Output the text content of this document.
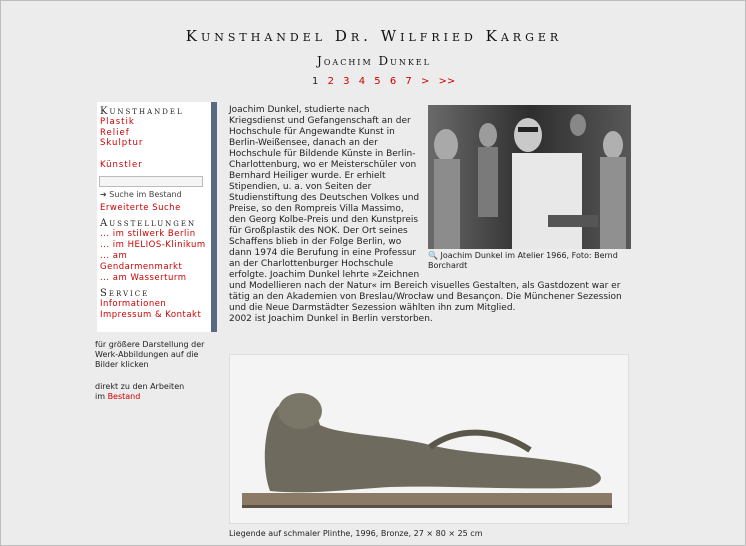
Kunsthandel Dr. Wilfried Karger
Joachim Dunkel
1 2 3 4 5 6 7 > >>
Kunsthandel
Plastik
Relief
Skulptur
Künstler
➜ Suche im Bestand
Erweiterte Suche
Ausstellungen
... im stilwerk Berlin
... im HELIOS-Klinikum
... am Gendarmenmarkt
... am Wasserturm
Service
Informationen
Impressum & Kontakt
für größere Darstellung der Werk-Abbildungen auf die Bilder klicken
direkt zu den Arbeiten
im Bestand
🔍 Joachim Dunkel im Atelier 1966, Foto: Bernd Borchardt
Joachim Dunkel, studierte nach Kriegsdienst und Gefangenschaft an der Hochschule für Angewandte Kunst in Berlin-Weißensee, danach an der Hochschule für Bildende Künste in Berlin-Charlottenburg, wo er Meisterschüler von Bernhard Heiliger wurde. Er erhielt Stipendien, u. a. von Seiten der Studienstiftung des Deutschen Volkes und Preise, so den Rompreis Villa Massimo, den Georg Kolbe-Preis und den Kunstpreis für Großplastik des NOK. Der Ort seines Schaffens blieb in der Folge Berlin, wo dann 1974 die Berufung in eine Professur an der Charlottenburger Hochschule erfolgte. Joachim Dunkel lehrte »Zeichnen und Modellieren nach der Natur« im Bereich visuelles Gestalten, als Gastdozent war er tätig an den Akademien von Breslau/Wrocław und Besançon. Die Münchener Sezession und die Neue Darmstädter Sezession wählten ihn zum Mitglied.
2002 ist Joachim Dunkel in Berlin verstorben.
Liegende auf schmaler Plinthe, 1996, Bronze, 27 × 80 × 25 cm
